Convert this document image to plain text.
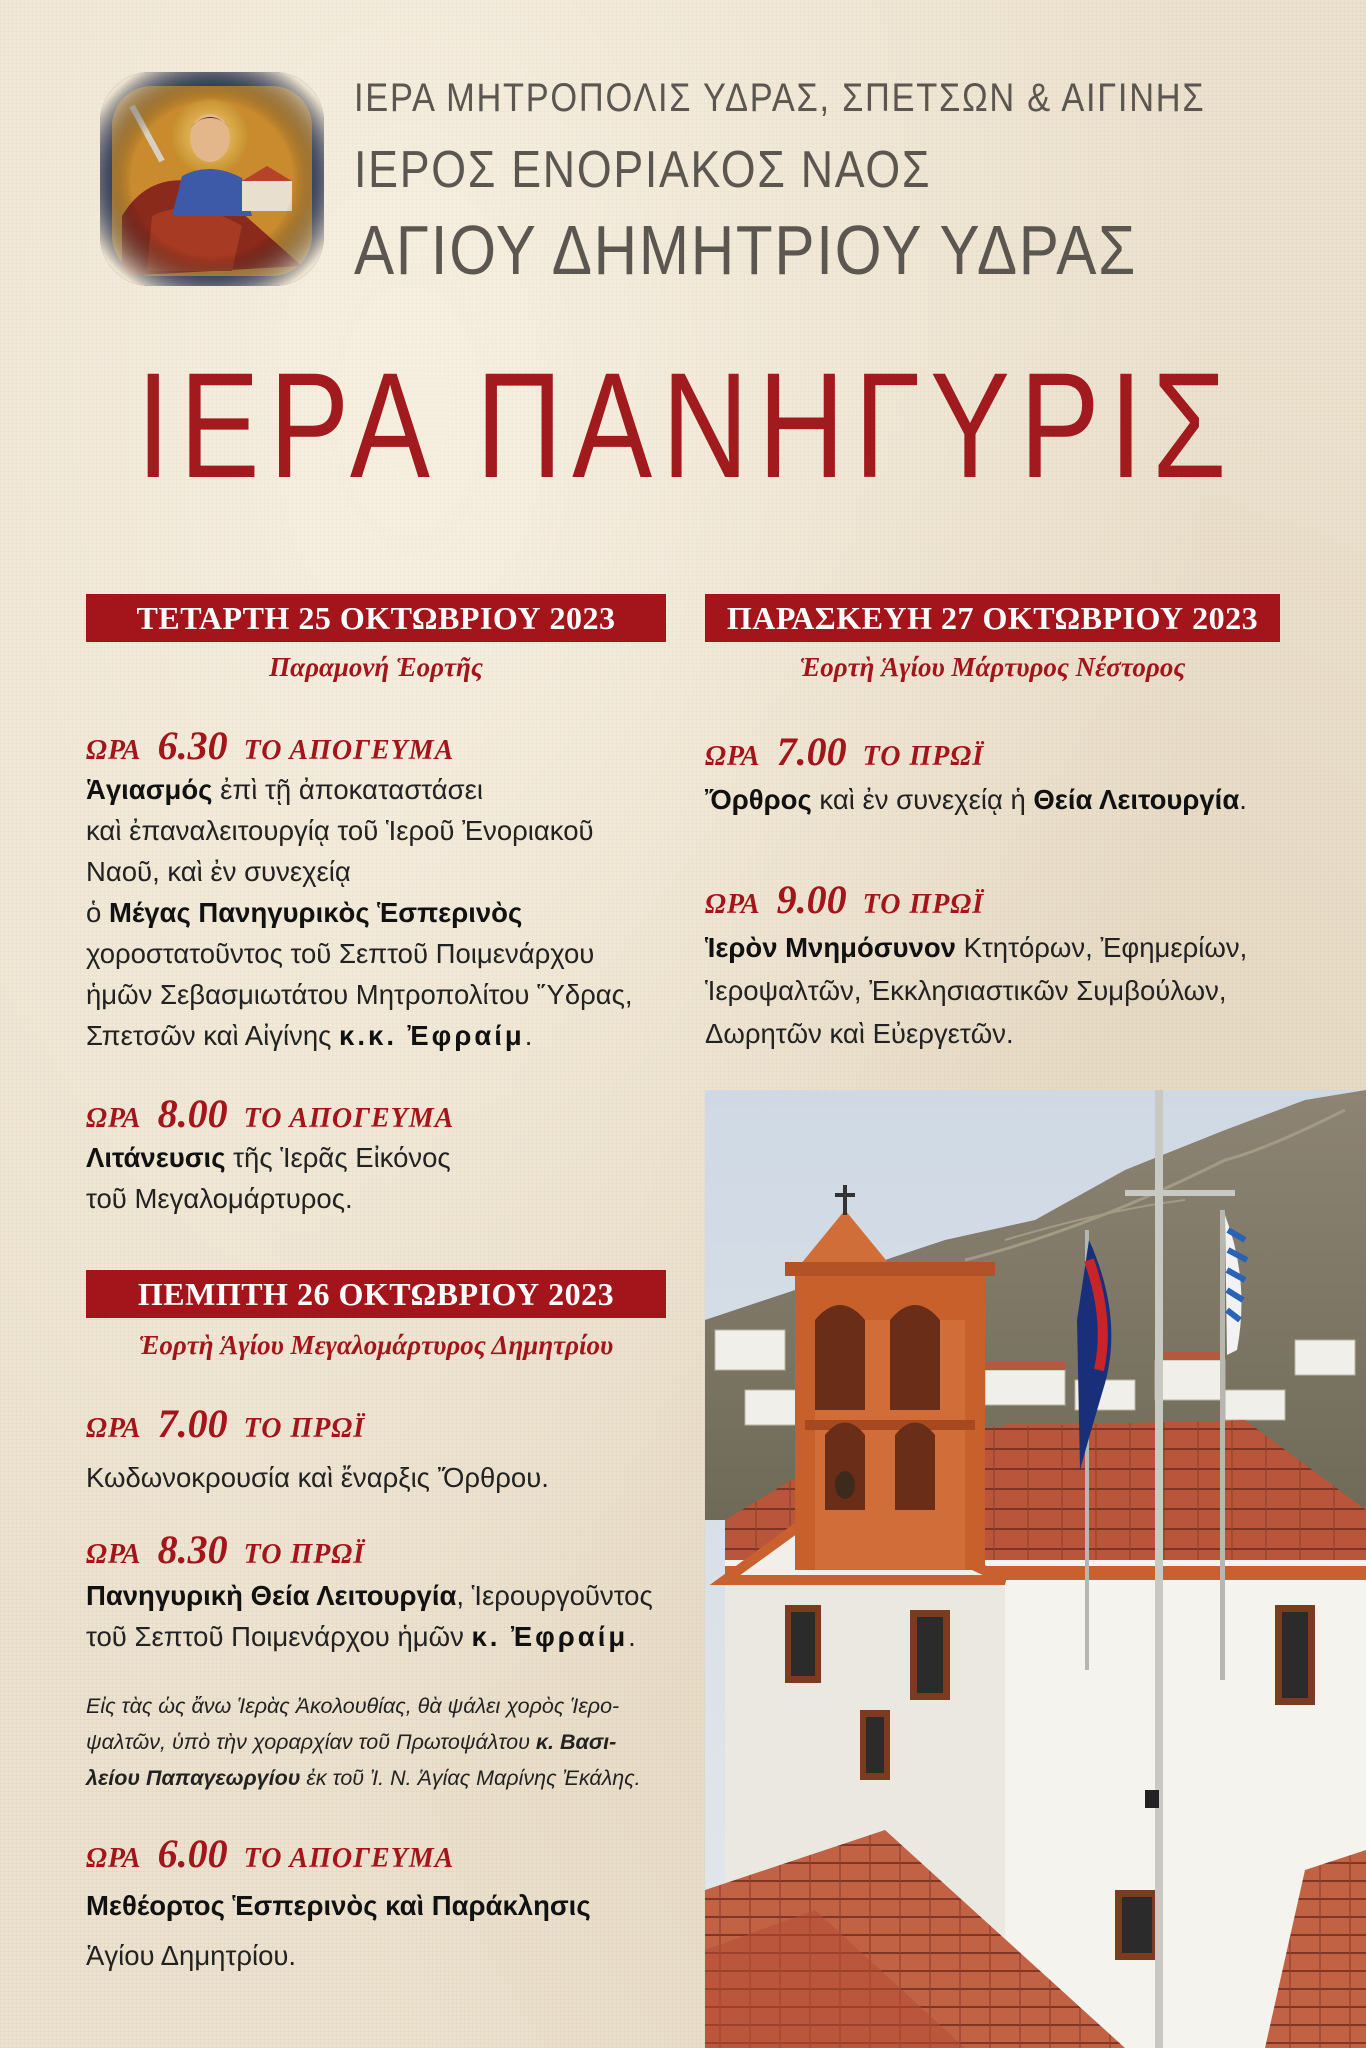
ΙΕΡΑ ΜΗΤΡΟΠΟΛΙΣ ΥΔΡΑΣ, ΣΠΕΤΣΩΝ & ΑΙΓΙΝΗΣ
ΙΕΡΟΣ ΕΝΟΡΙΑΚΟΣ ΝΑΟΣ
ΑΓΙΟΥ ΔΗΜΗΤΡΙΟΥ ΥΔΡΑΣ
ΙΕΡΑ ΠΑΝΗΓΥΡΙΣ
ΤΕΤΑΡΤΗ 25 ΟΚΤΩΒΡΙΟΥ 2023
Παραμονή Ἑορτῆς
ΩΡΑ 6.30 ΤΟ ΑΠΟΓΕΥΜΑ
Ἁγιασμός ἐπὶ τῇ ἀποκαταστάσει
καὶ ἐπαναλειτουργίᾳ τοῦ Ἱεροῦ Ἐνοριακοῦ
Ναοῦ, καὶ ἐν συνεχείᾳ
ὁ Μέγας Πανηγυρικὸς Ἑσπερινὸς
χοροστατοῦντος τοῦ Σεπτοῦ Ποιμενάρχου
ἡμῶν Σεβασμιωτάτου Μητροπολίτου Ὕδρας,
Σπετσῶν καὶ Αἰγίνης κ.κ. Ἐφραίμ.
ΩΡΑ 8.00 ΤΟ ΑΠΟΓΕΥΜΑ
Λιτάνευσις τῆς Ἱερᾶς Εἰκόνος
τοῦ Μεγαλομάρτυρος.
ΠΕΜΠΤΗ 26 ΟΚΤΩΒΡΙΟΥ 2023
Ἑορτὴ Ἁγίου Μεγαλομάρτυρος Δημητρίου
ΩΡΑ 7.00 ΤΟ ΠΡΩΪ
Κωδωνοκρουσία καὶ ἔναρξις Ὄρθρου.
ΩΡΑ 8.30 ΤΟ ΠΡΩΪ
Πανηγυρικὴ Θεία Λειτουργία, Ἱερουργοῦντος
τοῦ Σεπτοῦ Ποιμενάρχου ἡμῶν κ. Ἐφραίμ.
Εἰς τὰς ὡς ἄνω Ἱερὰς Ἀκολουθίας, θὰ ψάλει χορὸς Ἱερο-
ψαλτῶν, ὑπὸ τὴν χοραρχίαν τοῦ Πρωτοψάλτου κ. Βασι-
λείου Παπαγεωργίου ἐκ τοῦ Ἰ. Ν. Ἁγίας Μαρίνης Ἐκάλης.
ΩΡΑ 6.00 ΤΟ ΑΠΟΓΕΥΜΑ
Μεθέορτος Ἑσπερινὸς καὶ Παράκλησις
Ἁγίου Δημητρίου.
ΠΑΡΑΣΚΕΥΗ 27 ΟΚΤΩΒΡΙΟΥ 2023
Ἑορτὴ Ἁγίου Μάρτυρος Νέστορος
ΩΡΑ 7.00 ΤΟ ΠΡΩΪ
Ὄρθρος καὶ ἐν συνεχείᾳ ἡ Θεία Λειτουργία.
ΩΡΑ 9.00 ΤΟ ΠΡΩΪ
Ἱερὸν Μνημόσυνον Κτητόρων, Ἐφημερίων,
Ἱεροψαλτῶν, Ἐκκλησιαστικῶν Συμβούλων,
Δωρητῶν καὶ Εὐεργετῶν.
